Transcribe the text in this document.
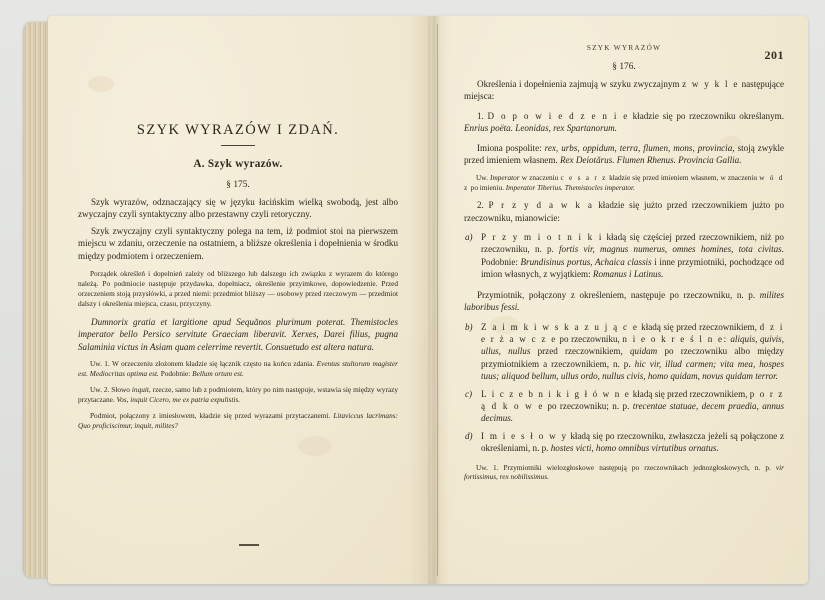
SZYK WYRAZÓW I ZDAŃ.
A. Szyk wyrazów.
§ 175.

Szyk wyrazów, odznaczający się w języku łacińskim wielką swobodą, jest albo zwyczajny czyli syntaktyczny albo przestawny czyli retoryczny.

Szyk zwyczajny czyli syntaktyczny polega na tem, iż podmiot stoi na pierwszem miejscu w zdaniu, orzeczenie na ostatniem, a bliższe określenia i dopełnienia w środku między podmiotem i orzeczeniem.

Porządek określeń i dopełnień zależy od bliższego lub dalszego ich związku z wyrazem do którego należą. Po podmiocie następuje przydawka, dopełniacz, określenie przyimkowe, dopowiedzenie. Przed orzeczeniem stoją przysłówki, a przed niemi: przedmiot bliższy — osobowy przed rzeczowym — przedmiot dalszy i określenia miejsca, czasu, przyczyny.

Dumnorix gratia et largitione apud Sequănos plurimum poterat. Themistocles imperator bello Persico servitute Graeciam liberavit. Xerxes, Darei filius, pugna Salaminia victus in Asiam quam celerrime revertit. Consuetudo est altera natura.

Uw. 1. W orzeczeniu złożonem kładzie się łącznik często na końcu zdania. Eventus stultorum magister est. Mediocritas optima est. Podobnie: Bellum ortum est.

Uw. 2. Słowo inquit, rzecze, samo lub z podmiotem, który po nim następuje, wstawia się między wyrazy przytaczane. Vos, inquit Cicero, me ex patria expulistis.

Podmiot, połączony z imiesłowem, kładzie się przed wyrazami przytaczanemi. Litaviccus lacrimans: Quo proficiscimur, inquit, milites?

SZYK WYRAZÓW	201
§ 176.

Określenia i dopełnienia zajmują w szyku zwyczajnym z w y k l e następujące miejsca:

1. D o p o w i e d z e n i e kładzie się po rzeczowniku określanym. Enrius poëta. Leonidas, rex Spartanorum.

Imiona pospolite: rex, urbs, oppidum, terra, flumen, mons, provincia, stoją zwykle przed imieniem własnem. Rex Deiotărus. Flumen Rhenus. Provincia Gallia.

Uw. Imperator w znaczeniu c e s a r z kładzie się przed imieniem własnem, w znaczeniu w ó d z po imieniu. Imperator Tiberius. Themistocles imperator.

2. P r z y d a w k a kładzie się jużto przed rzeczownikiem jużto po rzeczowniku, mianowicie:

a) P r z y m i o t n i k i kładą się częściej przed rzeczownikiem, niż po rzeczowniku, n. p. fortis vir, magnus numerus, omnes homines, tota civitas. Podobnie: Brundisinus portus, Achaica classis i inne przymiotniki, pochodzące od imion własnych, z wyjątkiem: Romanus i Latinus.

Przymiotnik, połączony z określeniem, następuje po rzeczowniku, n. p. milites laboribus fessi.

b) Z a i m k i w s k a z u j ą c e kładą się przed rzeczownikiem, d z i e r ż a w c z e po rzeczowniku, n i e o k r e ś l n e: aliquis, quivis, ullus, nullus przed rzeczownikiem, quidam po rzeczowniku albo między przymiotnikiem a rzeczownikiem, n. p. hic vir, illud carmen; vita mea, hospes tuus; aliquod bellum, ullus ordo, nullus civis, homo quidam, novus quidam terror.
c) L i c z e b n i k i g ł ó w n e kładą się przed rzeczownikiem, p o r z ą d k o w e po rzeczowniku; n. p. trecentae statuae, decem praedia, annus decimus.
d) I m i e s ł o w y kładą się po rzeczowniku, zwłaszcza jeżeli są połączone z określeniami, n. p. hostes victi, homo omnibus virtutibus ornatus.

Uw. 1. Przymiotniki wielozgłoskowe następują po rzeczownikach jednozgłoskowych, n. p. vir fortissimus, rex nobilissimus.
